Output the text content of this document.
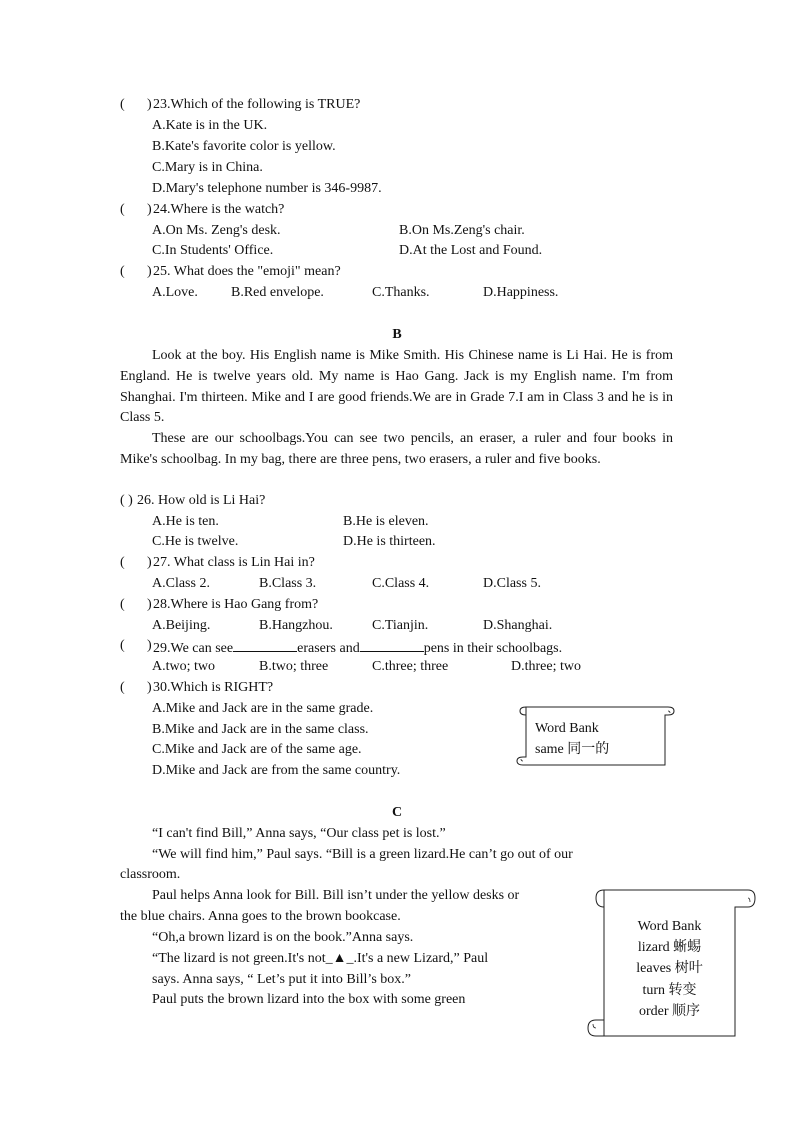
( ) 23.Which of the following is TRUE?
A.Kate is in the UK.
B.Kate's favorite color is yellow.
C.Mary is in China.
D.Mary's telephone number is 346-9987.
( ) 24.Where is the watch?
A.On Ms. Zeng's desk.	B.On Ms.Zeng's chair.
C.In Students' Office.	D.At the Lost and Found.
( ) 25. What does the "emoji" mean?
A.Love. B.Red envelope.	C.Thanks.	D.Happiness.
B

Look at the boy. His English name is Mike Smith. His Chinese name is Li Hai. He is from England. He is twelve years old. My name is Hao Gang. Jack is my English name. I'm from Shanghai. I'm thirteen. Mike and I are good friends.We are in Grade 7.I am in Class 3 and he is in Class 5.

These are our schoolbags.You can see two pencils, an eraser, a ruler and four books in Mike's schoolbag. In my bag, there are three pens, two erasers, a ruler and five books.

( ) 26. How old is Li Hai?
A.He is ten.	B.He is eleven.
C.He is twelve.	D.He is thirteen.
( ) 27. What class is Lin Hai in?
A.Class 2.	B.Class 3.	C.Class 4.	D.Class 5.
( ) 28.Where is Hao Gang from?
A.Beijing.	B.Hangzhou.	C.Tianjin.	D.Shanghai.
( ) 29.We can see	erasers and	pens in their schoolbags.
A.two; two	B.two; three	C.three; three	D.three; two
( ) 30.Which is RIGHT?
A.Mike and Jack are in the same grade.
B.Mike and Jack are in the same class.
C.Mike and Jack are of the same age.
D.Mike and Jack are from the same country.
Word Bank
same 同一的
C
“I can't find Bill,” Anna says, “Our class pet is lost.”
“We will find him,” Paul says. “Bill is a green lizard.He can’t go out of our
classroom.
Paul helps Anna look for Bill. Bill isn’t under the yellow desks or
the blue chairs. Anna goes to the brown bookcase.
“Oh,a brown lizard is on the book.”Anna says.
“The lizard is not green.It's not_▲_.It's a new Lizard,” Paul
says. Anna says, “ Let’s put it into Bill’s box.”
Paul puts the brown lizard into the box with some green
Word Bank
lizard 蜥蜴
leaves 树叶
turn 转变
order 顺序
